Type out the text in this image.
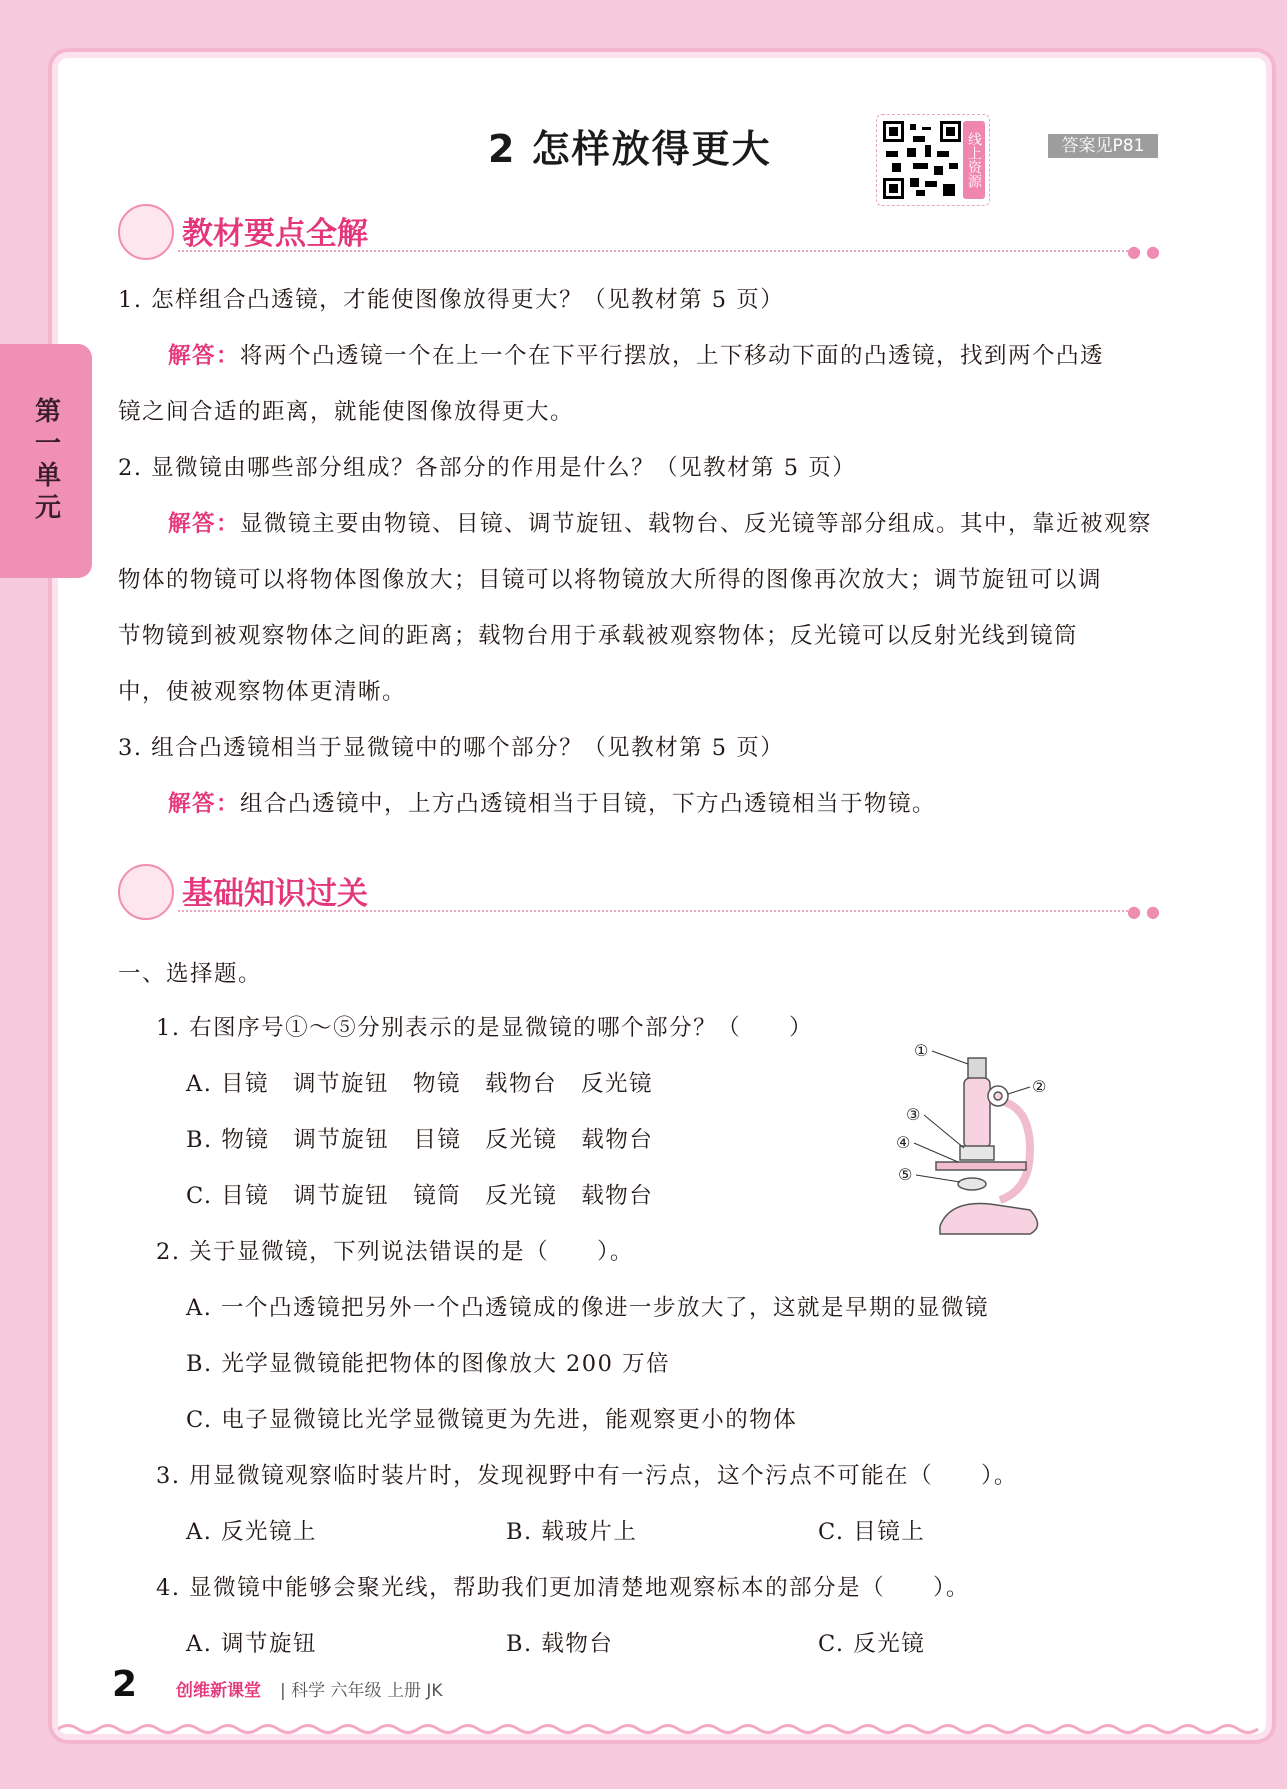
第一单元
2 怎样放得更大	线上资源	答案见P81
教材要点全解	● ●
1. 怎样组合凸透镜，才能使图像放得更大？（见教材第 5 页）
解答：将两个凸透镜一个在上一个在下平行摆放，上下移动下面的凸透镜，找到两个凸透
镜之间合适的距离，就能使图像放得更大。
2. 显微镜由哪些部分组成？各部分的作用是什么？（见教材第 5 页）
解答：显微镜主要由物镜、目镜、调节旋钮、载物台、反光镜等部分组成。其中，靠近被观察
物体的物镜可以将物体图像放大；目镜可以将物镜放大所得的图像再次放大；调节旋钮可以调
节物镜到被观察物体之间的距离；载物台用于承载被观察物体；反光镜可以反射光线到镜筒
中，使被观察物体更清晰。
3. 组合凸透镜相当于显微镜中的哪个部分？（见教材第 5 页）
解答：组合凸透镜中，上方凸透镜相当于目镜，下方凸透镜相当于物镜。
基础知识过关	● ●
一、选择题。
1. 右图序号①～⑤分别表示的是显微镜的哪个部分？（　　）
A. 目镜　调节旋钮　物镜　载物台　反光镜
B. 物镜　调节旋钮　目镜　反光镜　载物台
C. 目镜　调节旋钮　镜筒　反光镜　载物台
①
②
③
④
⑤
2. 关于显微镜，下列说法错误的是（　　）。
A. 一个凸透镜把另外一个凸透镜成的像进一步放大了，这就是早期的显微镜
B. 光学显微镜能把物体的图像放大 200 万倍
C. 电子显微镜比光学显微镜更为先进，能观察更小的物体
3. 用显微镜观察临时装片时，发现视野中有一污点，这个污点不可能在（　　）。
A. 反光镜上	B. 载玻片上	C. 目镜上
4. 显微镜中能够会聚光线，帮助我们更加清楚地观察标本的部分是（　　）。
A. 调节旋钮	B. 载物台	C. 反光镜
2 创维新课堂 | 科学 六年级 上册 JK
